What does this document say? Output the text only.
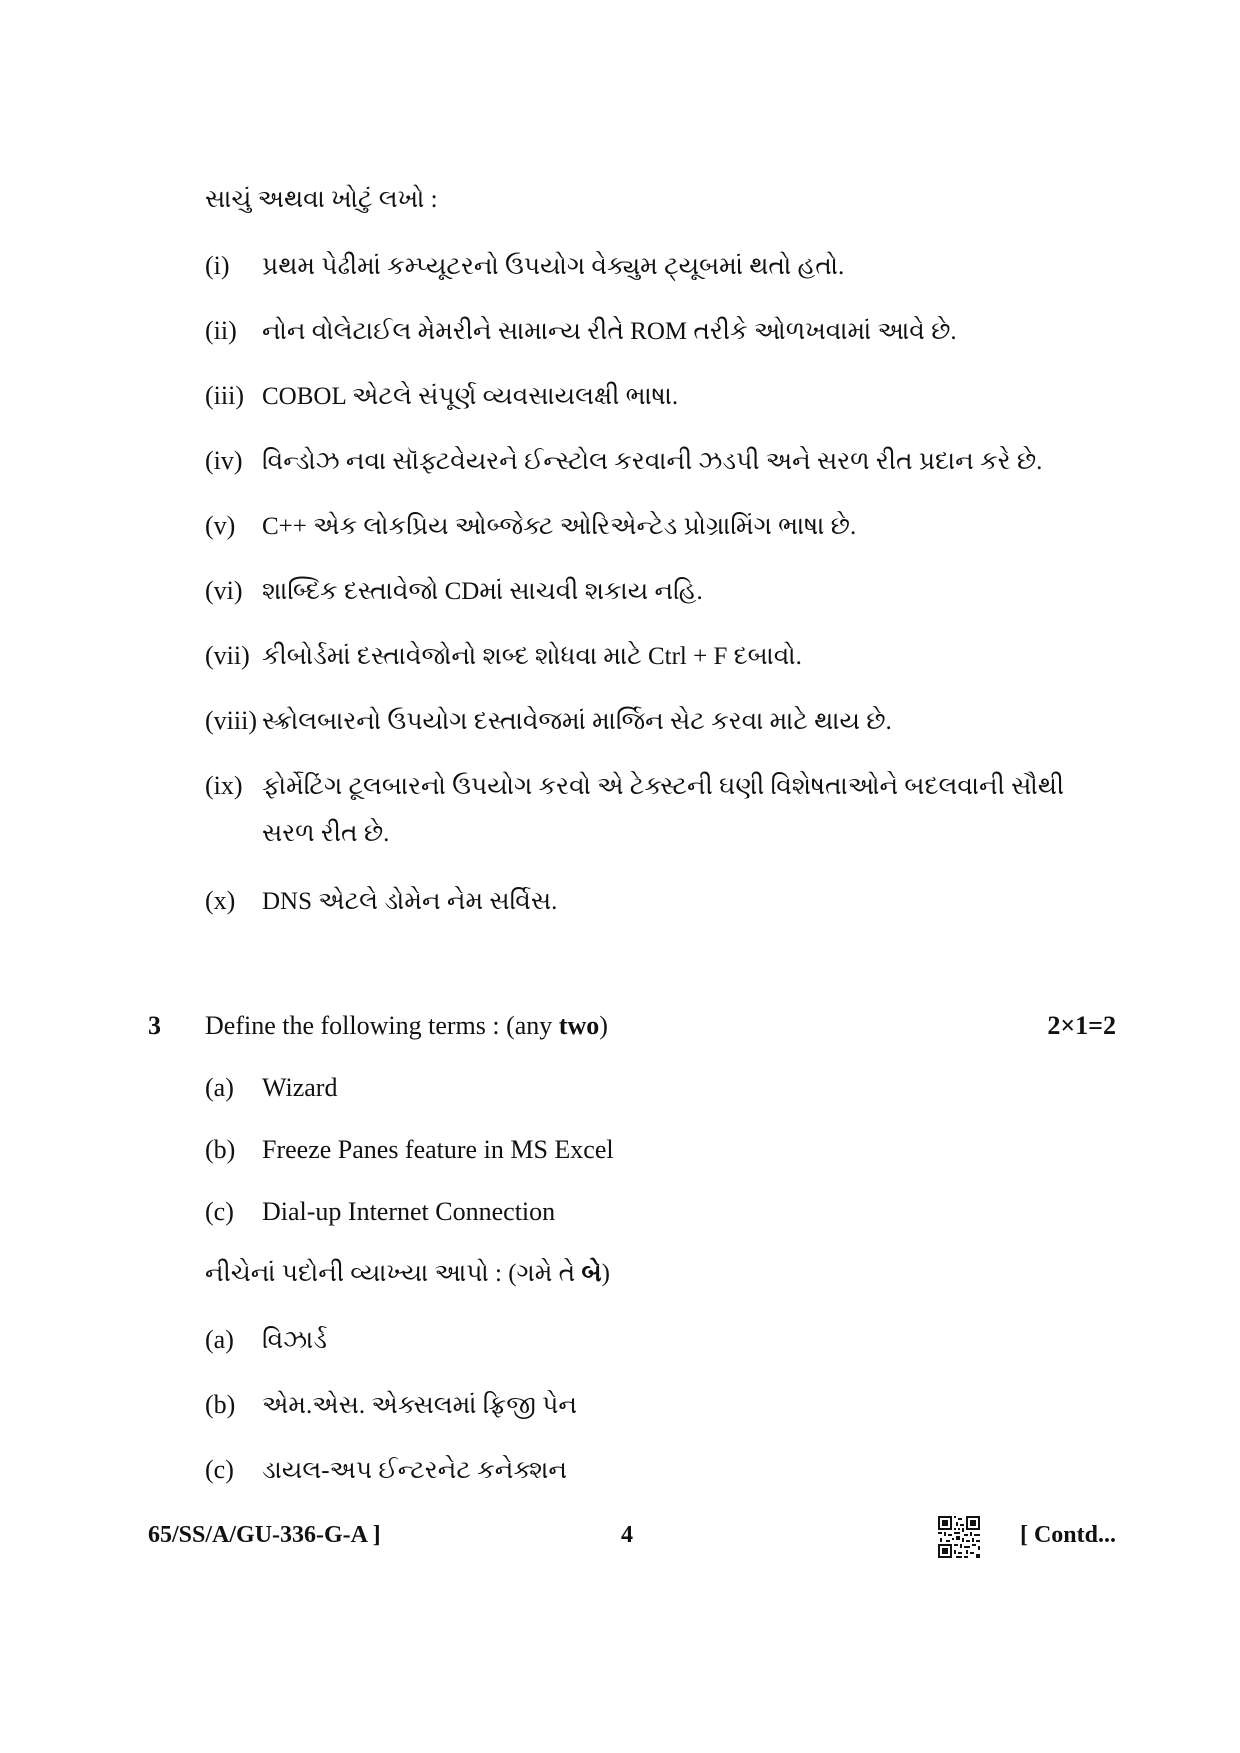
સાચું અથવા ખોટું લખો :
(i) પ્રથમ પેઢીમાં કમ્પ્યૂટરનો ઉપયોગ વેક્યુમ ટ્યૂબમાં થતો હતો.
(ii) નોન વોલેટાઈલ મેમરીને સામાન્ય રીતે ROM તરીકે ઓળખવામાં આવે છે.
(iii) COBOL એટલે સંપૂર્ણ વ્યવસાયલક્ષી ભાષા.
(iv) વિન્ડોઝ નવા સૉફ્ટવેયરને ઈન્સ્ટોલ કરવાની ઝડપી અને સરળ રીત પ્રદાન કરે છે.
(v) C++ એક લોકપ્રિય ઓબ્જેક્ટ ઓરિએન્ટેડ પ્રોગ્રામિંગ ભાષા છે.
(vi) શાબ્દિક દસ્તાવેજો CDમાં સાચવી શકાય નહિ.
(vii) કીબોર્ડમાં દસ્તાવેજોનો શબ્દ શોધવા માટે Ctrl + F દબાવો.
(viii) સ્ક્રોલબારનો ઉપયોગ દસ્તાવેજમાં માર્જિન સેટ કરવા માટે થાય છે.
(ix) ફોર્મેટિંગ ટૂલબારનો ઉપયોગ કરવો એ ટેક્સ્ટની ઘણી વિશેષતાઓને બદલવાની સૌથી
સરળ રીત છે.
(x) DNS એટલે ડોમેન નેમ સર્વિસ.
3 Define the following terms : (any two)	2×1=2
(a) Wizard
(b) Freeze Panes feature in MS Excel
(c) Dial-up Internet Connection
નીચેનાં પદોની વ્યાખ્યા આપો : (ગમે તે બે)
(a) વિઝાર્ડ
(b) એમ.એસ. એક્સલમાં ફ્રિજી પેન
(c) ડાયલ-અપ ઈન્ટરનેટ કનેક્શન
65/SS/A/GU-336-G-A ]	4	[ Contd...
